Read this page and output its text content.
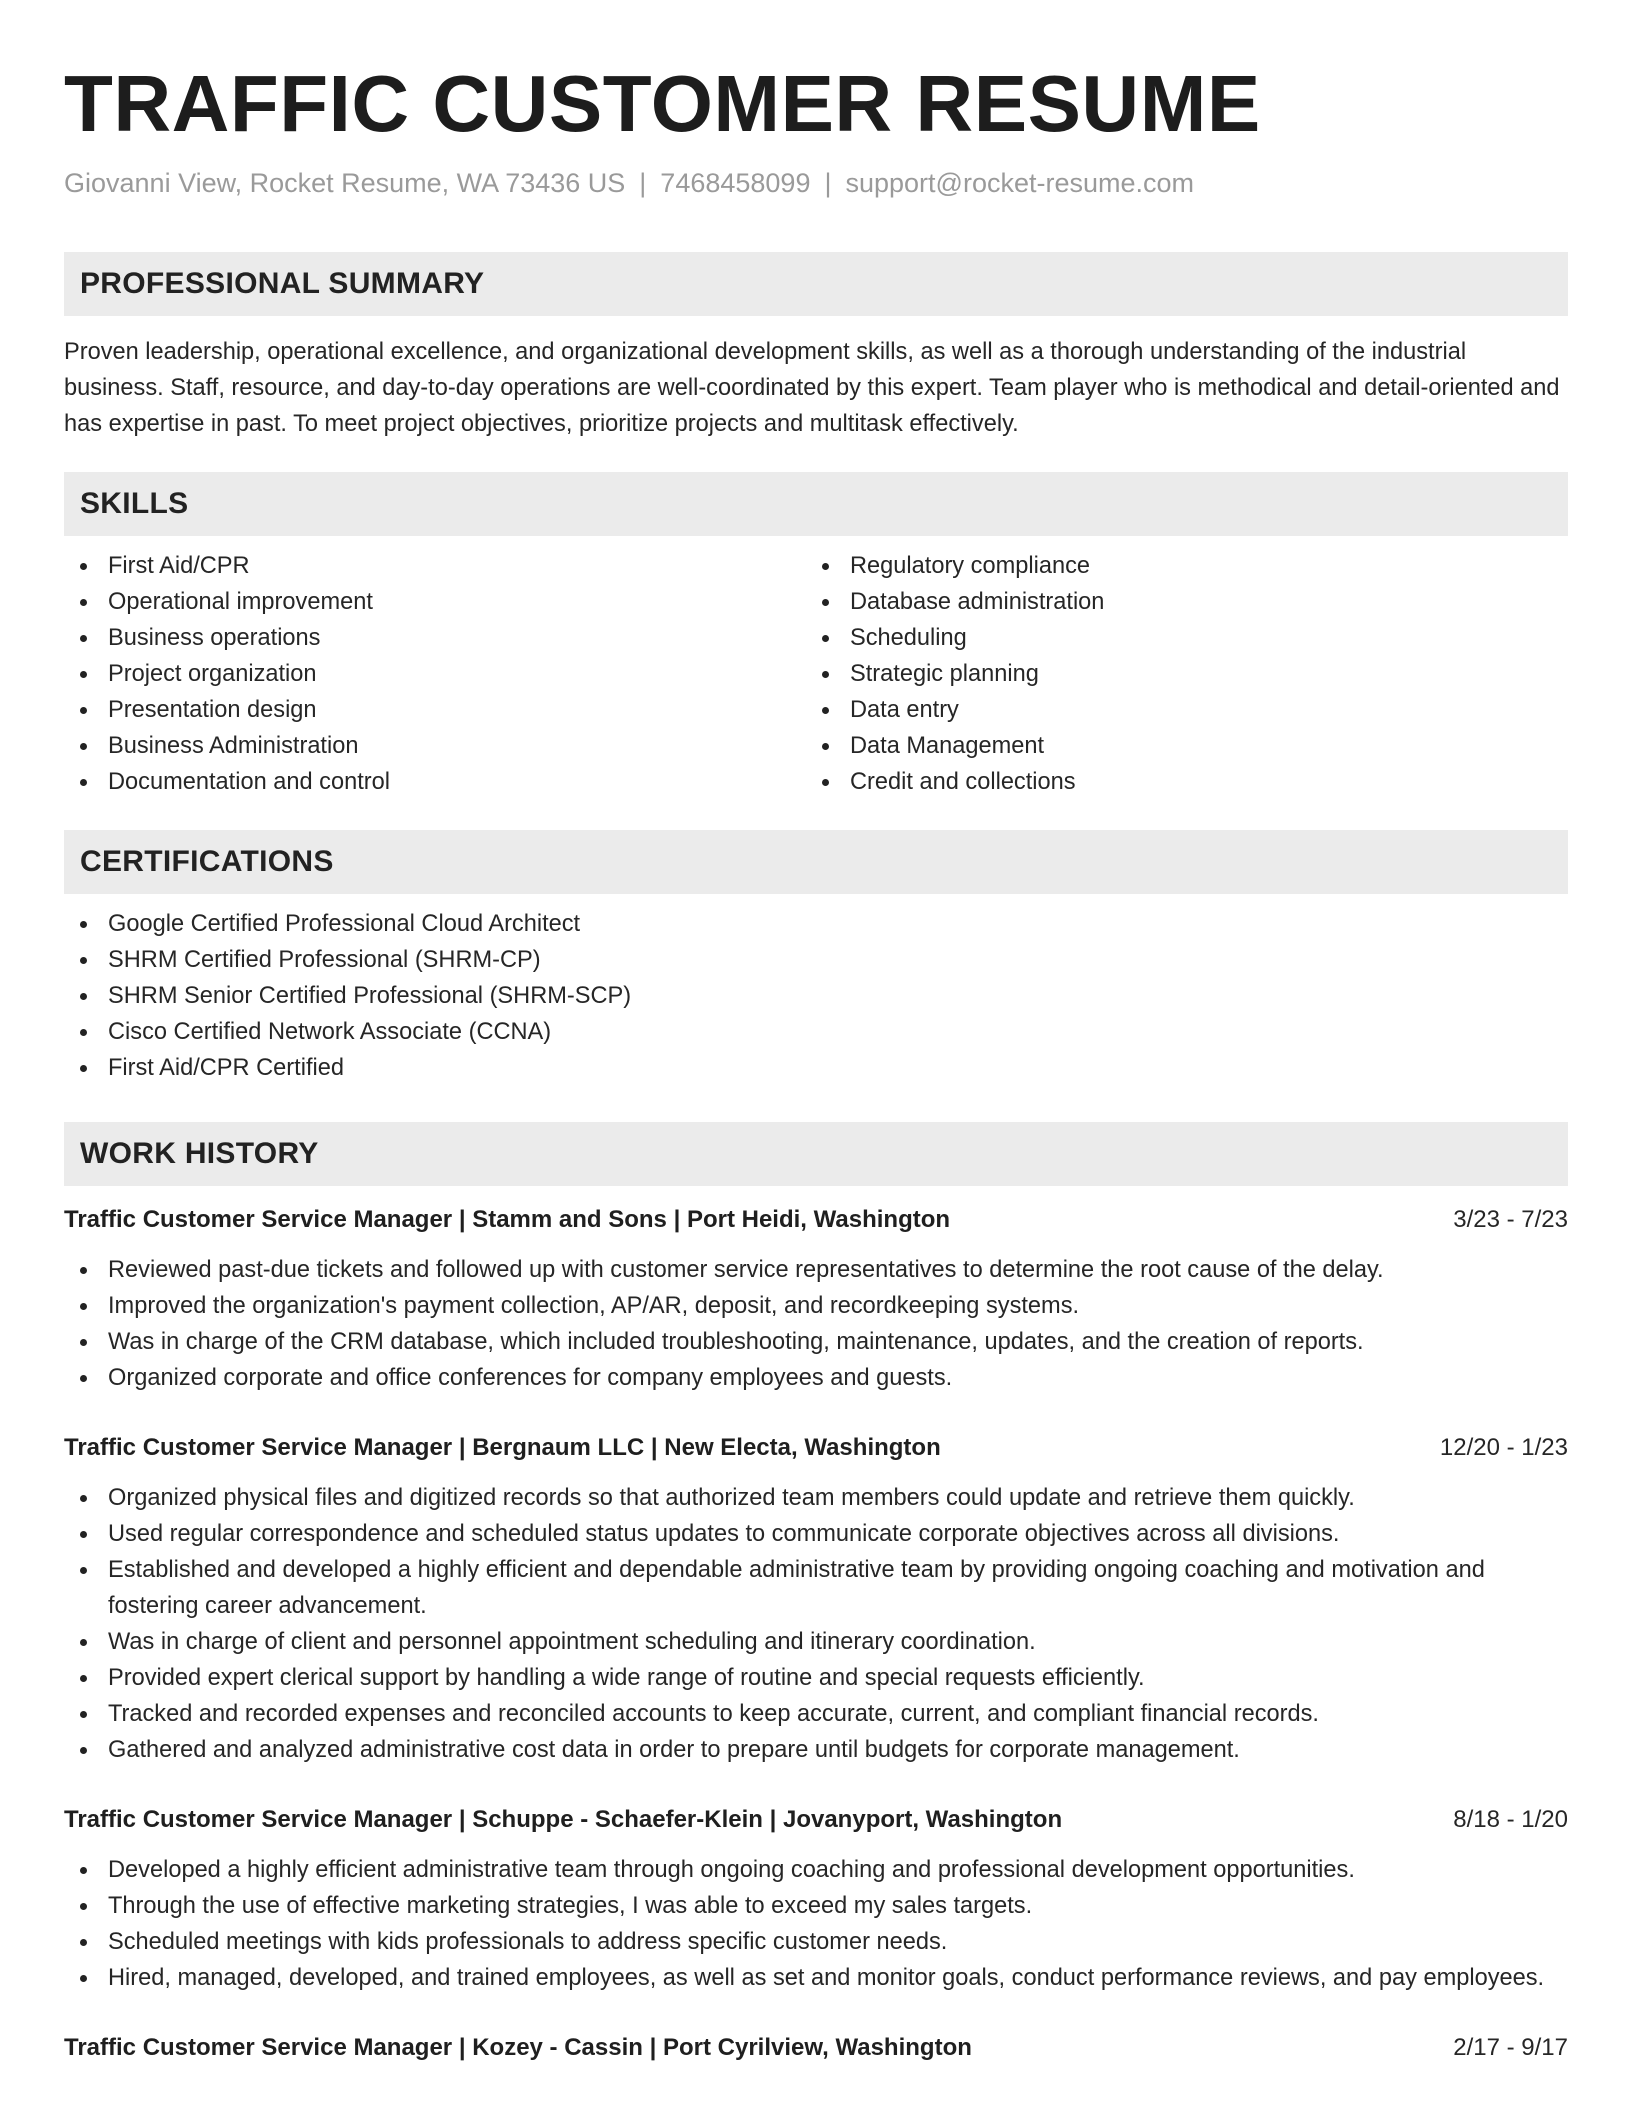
TRAFFIC CUSTOMER RESUME
Giovanni View, Rocket Resume, WA 73436 US | 7468458099 | support@rocket-resume.com
PROFESSIONAL SUMMARY

Proven leadership, operational excellence, and organizational development skills, as well as a thorough understanding of the industrial business. Staff, resource, and day-to-day operations are well-coordinated by this expert. Team player who is methodical and detail-oriented and has expertise in past. To meet project objectives, prioritize projects and multitask effectively.

SKILLS
First Aid/CPR
Operational improvement
Business operations
Project organization
Presentation design
Business Administration
Documentation and control
Regulatory compliance
Database administration
Scheduling
Strategic planning
Data entry
Data Management
Credit and collections
CERTIFICATIONS
Google Certified Professional Cloud Architect
SHRM Certified Professional (SHRM-CP)
SHRM Senior Certified Professional (SHRM-SCP)
Cisco Certified Network Associate (CCNA)
First Aid/CPR Certified
WORK HISTORY
Traffic Customer Service Manager | Stamm and Sons | Port Heidi, Washington	3/23 - 7/23
Reviewed past-due tickets and followed up with customer service representatives to determine the root cause of the delay.
Improved the organization's payment collection, AP/AR, deposit, and recordkeeping systems.
Was in charge of the CRM database, which included troubleshooting, maintenance, updates, and the creation of reports.
Organized corporate and office conferences for company employees and guests.
Traffic Customer Service Manager | Bergnaum LLC | New Electa, Washington	12/20 - 1/23
Organized physical files and digitized records so that authorized team members could update and retrieve them quickly.
Used regular correspondence and scheduled status updates to communicate corporate objectives across all divisions.
Established and developed a highly efficient and dependable administrative team by providing ongoing coaching and motivation and fostering career advancement.
Was in charge of client and personnel appointment scheduling and itinerary coordination.
Provided expert clerical support by handling a wide range of routine and special requests efficiently.
Tracked and recorded expenses and reconciled accounts to keep accurate, current, and compliant financial records.
Gathered and analyzed administrative cost data in order to prepare until budgets for corporate management.
Traffic Customer Service Manager | Schuppe - Schaefer-Klein | Jovanyport, Washington	8/18 - 1/20
Developed a highly efficient administrative team through ongoing coaching and professional development opportunities.
Through the use of effective marketing strategies, I was able to exceed my sales targets.
Scheduled meetings with kids professionals to address specific customer needs.
Hired, managed, developed, and trained employees, as well as set and monitor goals, conduct performance reviews, and pay employees.
Traffic Customer Service Manager | Kozey - Cassin | Port Cyrilview, Washington	2/17 - 9/17
